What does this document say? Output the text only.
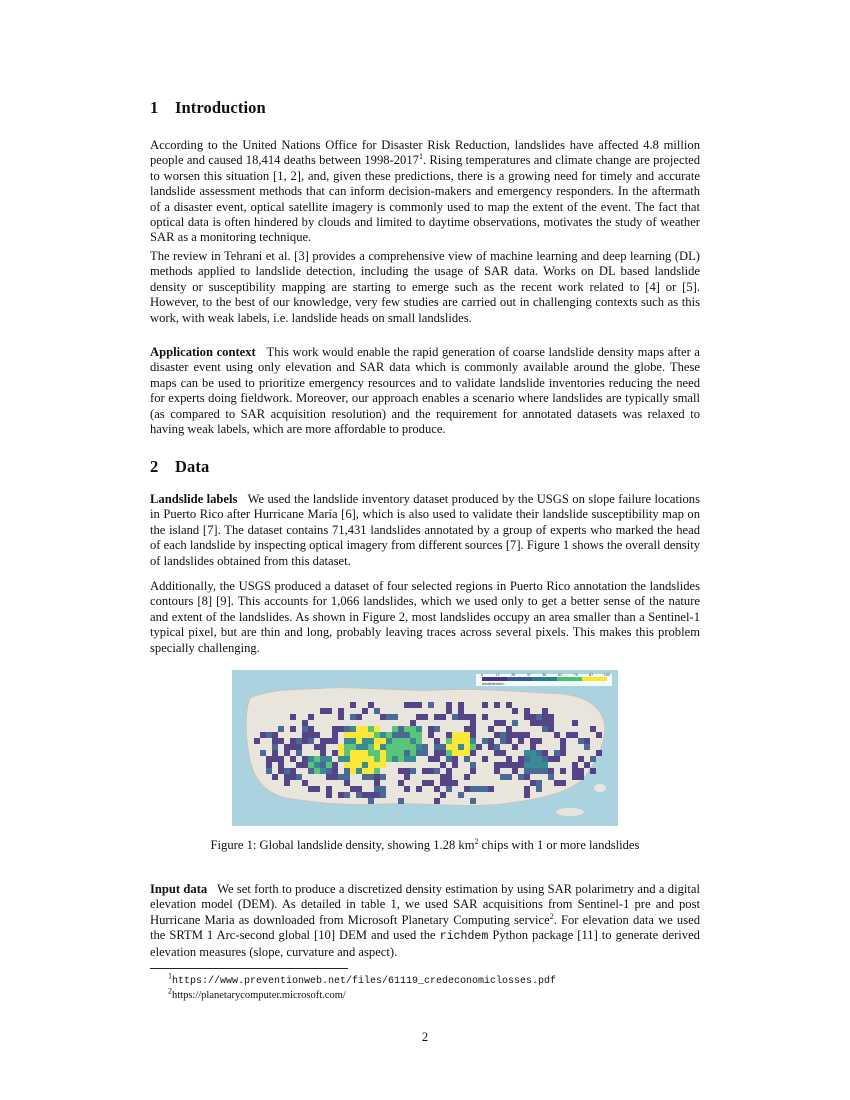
1 Introduction

According to the United Nations Office for Disaster Risk Reduction, landslides have affected 4.8 million people and caused 18,414 deaths between 1998-2017$^1$. Rising temperatures and climate change are projected to worsen this situation [1, 2], and, given these predictions, there is a growing need for timely and accurate landslide assessment methods that can inform decision-makers and emergency responders. In the aftermath of a disaster event, optical satellite imagery is commonly used to map the extent of the event. The fact that optical data is often hindered by clouds and limited to daytime observations, motivates the study of weather SAR as a monitoring technique.

The review in Tehrani et al. [3] provides a comprehensive view of machine learning and deep learning (DL) methods applied to landslide detection, including the usage of SAR data. Works on DL based landslide density or susceptibility mapping are starting to emerge such as the recent work related to [4] or [5]. However, to the best of our knowledge, very few studies are carried out in challenging contexts such as this work, with weak labels, i.e. landslide heads on small landslides.

Application context This work would enable the rapid generation of coarse landslide density maps after a disaster event using only elevation and SAR data which is commonly available around the globe. These maps can be used to prioritize emergency resources and to validate landslide inventories reducing the need for experts doing fieldwork. Moreover, our approach enables a scenario where landslides are typically small (as compared to SAR acquisition resolution) and the requirement for annotated datasets was relaxed to having weak labels, which are more affordable to produce.

2 Data

Landslide labels We used the landslide inventory dataset produced by the USGS on slope failure locations in Puerto Rico after Hurricane María [6], which is also used to validate their landslide susceptibility map on the island [7]. The dataset contains 71,431 landslides annotated by a group of experts who marked the head of each landslide by inspecting optical imagery from different sources [7]. Figure 1 shows the overall density of landslides obtained from this dataset.

Additionally, the USGS produced a dataset of four selected regions in Puerto Rico annotation the landslides contours [8] [9]. This accounts for 1,066 landslides, which we used only to get a better sense of the nature and extent of the landslides. As shown in Figure 2, most landslides occupy an area smaller than a Sentinel-1 typical pixel, but are thin and long, probably leaving traces across several pixels. This makes this problem specially challenging.

0	12	25	37	50	62	75	87	100
landslides/km²
Figure 1: Global landslide density, showing 1.28 $km^2$ chips with 1 or more landslides

Input data We set forth to produce a discretized density estimation by using SAR polarimetry and a digital elevation model (DEM). As detailed in table 1, we used SAR acquisitions from Sentinel-1 pre and post Hurricane Maria as downloaded from Microsoft Planetary Computing service$^2$. For elevation data we used the SRTM 1 Arc-second global [10] DEM and used the richdem Python package [11] to generate derived elevation measures (slope, curvature and aspect).

$^1$https://www.preventionweb.net/files/61119_credeconomiclosses.pdf
$^2$https://planetarycomputer.microsoft.com/
2
